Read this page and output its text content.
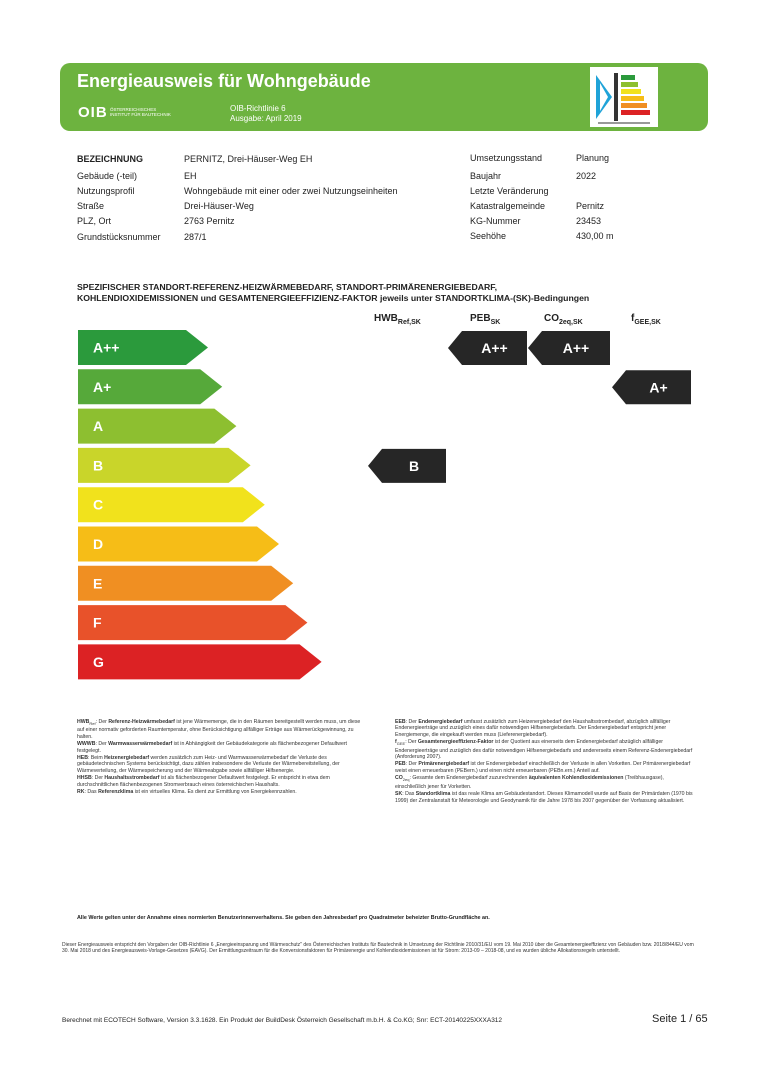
Energieausweis für Wohngebäude
OIB ÖSTERREICHISCHES
INSTITUT FÜR BAUTECHNIK
OIB-Richtlinie 6
Ausgabe: April 2019
BEZEICHNUNG	PERNITZ, Drei-Häuser-Weg EH
Gebäude (-teil)	EH
Nutzungsprofil	Wohngebäude mit einer oder zwei Nutzungseinheiten
Straße	Drei-Häuser-Weg
PLZ, Ort	2763 Pernitz
Grundstücksnummer	287/1
Umsetzungsstand	Planung
Baujahr	2022
Letzte Veränderung
Katastralgemeinde	Pernitz
KG-Nummer	23453
Seehöhe	430,00 m
SPEZIFISCHER STANDORT-REFERENZ-HEIZWÄRMEBEDARF, STANDORT-PRIMÄRENERGIEBEDARF,
KOHLENDIOXIDEMISSIONEN und GESAMTENERGIEEFFIZIENZ-FAKTOR jeweils unter STANDORTKLIMA-(SK)-Bedingungen
$HWB_{Ref,SK}$	$PEB_{SK}$	$CO_{2eq,SK}$	$f_{GEE,SK}$
A++
A+
A
B
C
D
E
F
G
B
A++	A++
A+
$HWB_{Ref}$: Der Referenz-Heizwärmebedarf ist jene Wärmemenge, die in den Räumen bereitgestellt werden muss, um diese auf einer normativ geforderten Raumtemperatur, ohne Berücksichtigung allfälliger Erträge aus Wärmerückgewinnung, zu halten.
WWWB: Der Warmwasserwärmebedarf ist in Abhängigkeit der Gebäudekategorie als flächenbezogener Defaultwert festgelegt.
HEB: Beim Heizenergiebedarf werden zusätzlich zum Heiz- und Warmwasserwärmebedarf die Verluste des gebäudetechnischen Systems berücksichtigt, dazu zählen insbesondere die Verluste der Wärmebereitstellung, der Wärmeverteilung, der Wärmespeicherung und der Wärmeabgabe sowie allfälliger Hilfsenergie.
HHSB: Der Haushaltsstrombedarf ist als flächenbezogener Defaultwert festgelegt. Er entspricht in etwa dem durchschnittlichen flächenbezogenen Stromverbrauch eines österreichischen Haushalts.
RK: Das Referenzklima ist ein virtuelles Klima. Es dient zur Ermittlung von Energiekennzahlen.
EEB: Der Endenergiebedarf umfasst zusätzlich zum Heizenergiebedarf den Haushaltsstrombedarf, abzüglich allfälliger Endenergieerträge und zuzüglich eines dafür notwendigen Hilfsenergiebedarfs. Der Endenergiebedarf entspricht jener Energiemenge, die eingekauft werden muss (Lieferenergiebedarf).
$f_{GEE}$: Der Gesamtenergieeffizienz-Faktor ist der Quotient aus einerseits dem Endenergiebedarf abzüglich allfälliger Endenergieerträge und zuzüglich des dafür notwendigen Hilfsenergiebedarfs und andererseits einem Referenz-Endenergiebedarf (Anforderung 2007).
PEB: Der Primärenergiebedarf ist der Endenergiebedarf einschließlich der Verluste in allen Vorketten. Der Primärenergiebedarf weist einen erneuerbaren (PEBern.) und einen nicht erneuerbaren (PEBn.ern.) Anteil auf.
$CO_{2eq}$: Gesamte dem Endenergiebedarf zuzurechnenden äquivalenten Kohlendioxidemissionen (Treibhausgase), einschließlich jener für Vorketten.
SK: Das Standortklima ist das reale Klima am Gebäudestandort. Dieses Klimamodell wurde auf Basis der Primärdaten (1970 bis 1999) der Zentralanstalt für Meteorologie und Geodynamik für die Jahre 1978 bis 2007 gegenüber der Vorfassung aktualisiert.
Alle Werte gelten unter der Annahme eines normierten Benutzerinnenverhaltens. Sie geben den Jahresbedarf pro Quadratmeter beheizter Brutto-Grundfläche an.
Dieser Energieausweis entspricht den Vorgaben der OIB-Richtlinie 6 „Energieeinsparung und Wärmeschutz" des Österreichischen Instituts für Bautechnik in Umsetzung der Richtlinie 2010/31/EU vom 19. Mai 2010 über die Gesamtenergieeffizienz von Gebäuden bzw. 2018/844/EU vom 30. Mai 2018 und des Energieausweis-Vorlage-Gesetzes (EAVG). Der Ermittlungszeitraum für die Konversionsfaktoren für Primärenergie und Kohlendioxidemissionen ist für Strom: 2013-09 – 2018-08, und es wurden übliche Allokationsregeln unterstellt.
Berechnet mit ECOTECH Software, Version 3.3.1628. Ein Produkt der BuildDesk Österreich Gesellschaft m.b.H. & Co.KG; Snr: ECT-20140225XXXA312	Seite 1 / 65
